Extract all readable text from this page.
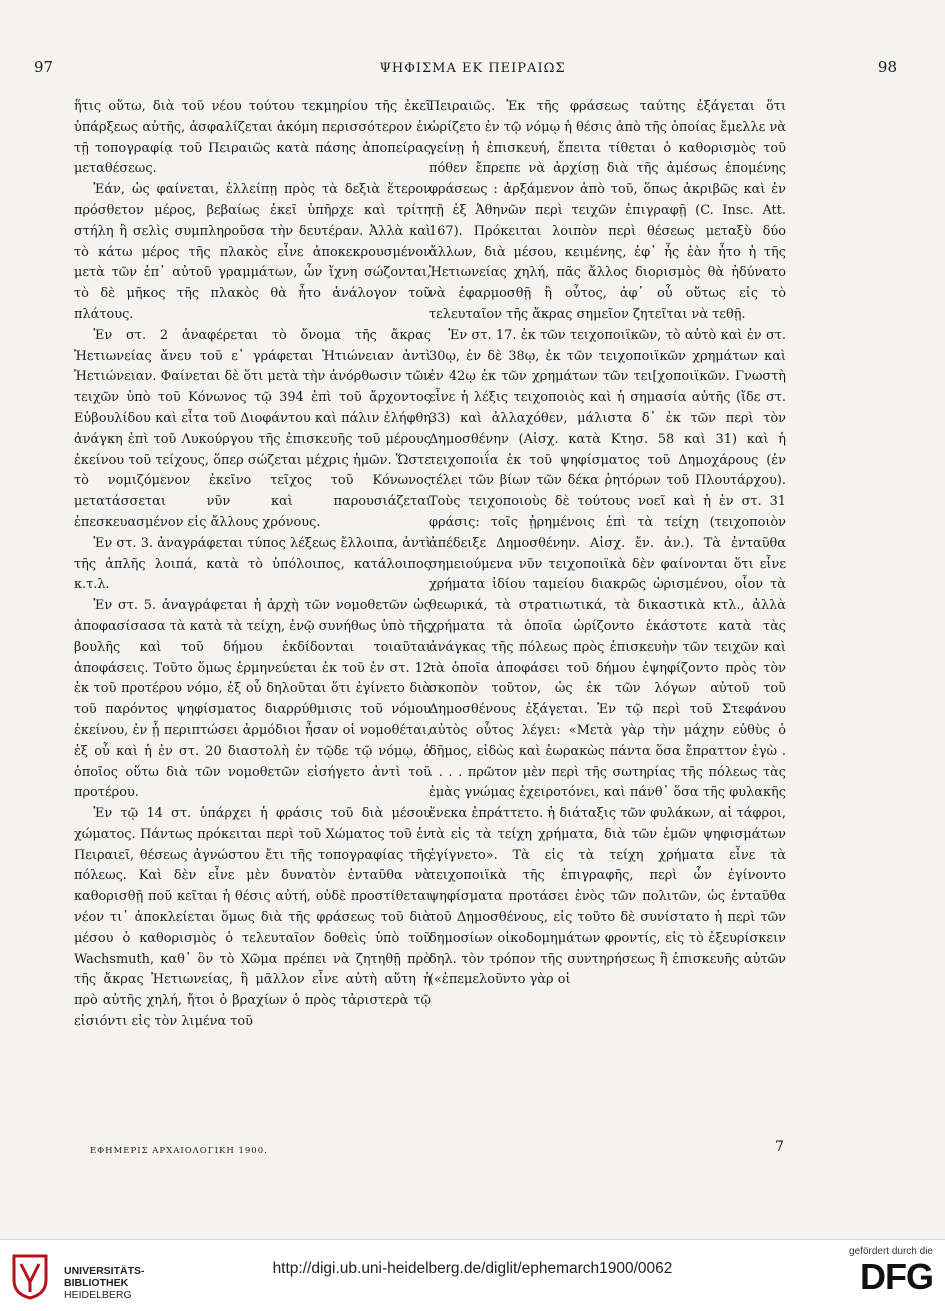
97	ΨΗΦΙΣΜΑ ΕΚ ΠΕΙΡΑΙΩΣ	98

ἥτις οὕτω, διὰ τοῦ νέου τούτου τεκμηρίου τῆς ἐκεῖ ὑπάρξεως αὐτῆς, ἀσφαλίζεται ἀκόμη περισσότερον ἐν τῇ τοπογραφίᾳ τοῦ Πειραιῶς κατὰ πάσης ἀποπείρας μεταθέσεως.

Ἐάν, ὡς φαίνεται, ἐλλείπῃ πρὸς τὰ δεξιὰ ἕτερον πρόσθετον μέρος, βεβαίως ἐκεῖ ὑπῆρχε καὶ τρίτη στήλη ἢ σελὶς συμπληροῦσα τὴν δευτέραν. Ἀλλὰ καὶ τὸ κάτω μέρος τῆς πλακὸς εἶνε ἀποκεκρουσμένον μετὰ τῶν ἐπ᾽ αὐτοῦ γραμμάτων, ὧν ἴχνη σώζονται, τὸ δὲ μῆκος τῆς πλακὸς θὰ ἦτο ἀνάλογον τοῦ πλάτους.

Ἐν στ. 2 ἀναφέρεται τὸ ὄνομα τῆς ἄκρας Ἠετιωνείας ἄνευ τοῦ ε᾽ γράφεται Ἠτιώνειαν ἀντὶ Ἠετιώνειαν. Φαίνεται δὲ ὅτι μετὰ τὴν ἀνόρθωσιν τῶν τειχῶν ὑπὸ τοῦ Κόνωνος τῷ 394 ἐπὶ τοῦ ἄρχοντος Εὐβουλίδου καὶ εἶτα τοῦ Διοφάντου καὶ πάλιν ἐλήφθη ἀνάγκη ἐπὶ τοῦ Λυκούργου τῆς ἐπισκευῆς τοῦ μέρους ἐκείνου τοῦ τείχους, ὅπερ σώζεται μέχρις ἡμῶν. Ὥστε τὸ νομιζόμενον ἐκεῖνο τεῖχος τοῦ Κόνωνος μετατάσσεται νῦν καὶ παρουσιάζεται ἐπεσκευασμένον εἰς ἄλλους χρόνους.

Ἐν στ. 3. ἀναγράφεται τύπος λέξεως ἔλλοιπα, ἀντὶ τῆς ἁπλῆς λοιπά, κατὰ τὸ ὑπόλοιπος, κατάλοιπος κ.τ.λ.

Ἐν στ. 5. ἀναγράφεται ἡ ἀρχὴ τῶν νομοθετῶν ὡς ἀποφασίσασα τὰ κατὰ τὰ τείχη, ἐνῷ συνήθως ὑπὸ τῆς βουλῆς καὶ τοῦ δήμου ἐκδίδονται τοιαῦται ἀποφάσεις. Τοῦτο ὅμως ἑρμηνεύεται ἐκ τοῦ ἐν στ. 12 ἐκ τοῦ προτέρου νόμο, ἐξ οὗ δηλοῦται ὅτι ἐγίνετο διὰ τοῦ παρόντος ψηφίσματος διαρρύθμισις τοῦ νόμου ἐκείνου, ἐν ᾗ περιπτώσει ἁρμόδιοι ἦσαν οἱ νομοθέται, ἐξ οὗ καὶ ἡ ἐν στ. 20 διαστολὴ ἐν τῷδε τῷ νόμῳ, ὁ ὁποῖος οὕτω διὰ τῶν νομοθετῶν εἰσήγετο ἀντὶ τοῦ προτέρου.

Ἐν τῷ 14 στ. ὑπάρχει ἡ φράσις τοῦ διὰ μέσου χώματος. Πάντως πρόκειται περὶ τοῦ Χώματος τοῦ ἐν Πειραιεῖ, θέσεως ἀγνώστου ἔτι τῆς τοπογραφίας τῆς πόλεως. Καὶ δὲν εἶνε μὲν δυνατὸν ἐνταῦθα νὰ καθορισθῇ ποῦ κεῖται ἡ θέσις αὐτή, οὐδὲ προστίθεται νέον τι᾽ ἀποκλείεται ὅμως διὰ τῆς φράσεως τοῦ διὰ μέσου ὁ καθορισμὸς ὁ τελευταῖον δοθεὶς ὑπὸ τοῦ Wachsmuth, καθ᾽ ὃν τὸ Χῶμα πρέπει νὰ ζητηθῇ πρὸ τῆς ἄκρας Ἠετιωνείας, ἢ μᾶλλον εἶνε αὐτὴ αὕτη ἡ πρὸ αὐτῆς χηλή, ἤτοι ὁ βραχίων ὁ πρὸς τἀριστερὰ τῷ εἰσιόντι εἰς τὸν λιμένα τοῦ

Πειραιῶς. Ἐκ τῆς φράσεως ταύτης ἐξάγεται ὅτι ὡρίζετο ἐν τῷ νόμῳ ἡ θέσις ἀπὸ τῆς ὁποίας ἔμελλε νὰ γείνῃ ἡ ἐπισκευή, ἔπειτα τίθεται ὁ καθορισμὸς τοῦ πόθεν ἔπρεπε νὰ ἀρχίσῃ διὰ τῆς ἀμέσως ἑπομένης φράσεως : ἀρξάμενον ἀπὸ τοῦ, ὅπως ἀκριβῶς καὶ ἐν τῇ ἐξ Ἀθηνῶν περὶ τειχῶν ἐπιγραφῇ (C. Insc. Att. 167). Πρόκειται λοιπὸν περὶ θέσεως μεταξὺ δύο ἄλλων, διὰ μέσου, κειμένης, ἐφ᾽ ἧς ἐὰν ἦτο ἡ τῆς Ἠετιωνείας χηλή, πᾶς ἄλλος διορισμὸς θὰ ἠδύνατο νὰ ἐφαρμοσθῇ ἢ οὗτος, ἀφ᾽ οὗ οὕτως εἰς τὸ τελευταῖον τῆς ἄκρας σημεῖον ζητεῖται νὰ τεθῇ.

Ἐν στ. 17. ἐκ τῶν τειχοποιϊκῶν, τὸ αὐτὸ καὶ ἐν στ. 30ῳ, ἐν δὲ 38ῳ, ἐκ τῶν τειχοποιϊκῶν χρημάτων καὶ ἐν 42ῳ ἐκ τῶν χρημάτων τῶν τει[χοποιϊκῶν. Γνωστὴ εἶνε ἡ λέξις τειχοποιὸς καὶ ἡ σημασία αὐτῆς (ἴδε στ. 33) καὶ ἀλλαχόθεν, μάλιστα δ᾽ ἐκ τῶν περὶ τὸν Δημοσθένην (Αἰσχ. κατὰ Κτησ. 58 καὶ 31) καὶ ἡ τειχοποιΐα ἐκ τοῦ ψηφίσματος τοῦ Δημοχάρους (ἐν τέλει τῶν βίων τῶν δέκα ῥητόρων τοῦ Πλουτάρχου). Τοὺς τειχοποιοὺς δὲ τούτους νοεῖ καὶ ἡ ἐν στ. 31 φράσις: τοῖς ᾑρημένοις ἐπὶ τὰ τείχη (τειχοποιὸν ἀπέδειξε Δημοσθένην. Αἰσχ. ἔν. ἀν.). Τὰ ἐνταῦθα σημειούμενα νῦν τειχοποιϊκὰ δὲν φαίνονται ὅτι εἶνε χρήματα ἰδίου ταμείου διακρῶς ὡρισμένου, οἷον τὰ θεωρικά, τὰ στρατιωτικά, τὰ δικαστικὰ κτλ., ἀλλὰ χρήματα τὰ ὁποῖα ὡρίζοντο ἑκάστοτε κατὰ τὰς ἀνάγκας τῆς πόλεως πρὸς ἐπισκευὴν τῶν τειχῶν καὶ τὰ ὁποῖα ἀποφάσει τοῦ δήμου ἐψηφίζοντο πρὸς τὸν σκοπὸν τοῦτον, ὡς ἐκ τῶν λόγων αὐτοῦ τοῦ Δημοσθένους ἐξάγεται. Ἐν τῷ περὶ τοῦ Στεφάνου αὐτὸς οὗτος λέγει: «Μετὰ γὰρ τὴν μάχην εὐθὺς ὁ δῆμος, εἰδὼς καὶ ἑωρακὼς πάντα ὅσα ἔπραττον ἐγὼ . . . . . πρῶτον μὲν περὶ τῆς σωτηρίας τῆς πόλεως τὰς ἐμὰς γνώμας ἐχειροτόνει, καὶ πάνθ᾽ ὅσα τῆς φυλακῆς ἕνεκα ἐπράττετο. ἡ διάταξις τῶν φυλάκων, αἱ τάφροι, τὰ εἰς τὰ τείχη χρήματα, διὰ τῶν ἐμῶν ψηφισμάτων ἐγίγνετο». Τὰ εἰς τὰ τείχη χρήματα εἶνε τὰ τειχοποιϊκὰ τῆς ἐπιγραφῆς, περὶ ὧν ἐγίνοντο ψηφίσματα προτάσει ἑνὸς τῶν πολιτῶν, ὡς ἐνταῦθα τοῦ Δημοσθένους, εἰς τοῦτο δὲ συνίστατο ἡ περὶ τῶν δημοσίων οἰκοδομημάτων φροντίς, εἰς τὸ ἐξευρίσκειν δηλ. τὸν τρόπον τῆς συντηρήσεως ἢ ἐπισκευῆς αὐτῶν («ἐπεμελοῦντο γὰρ οἱ

ΕΦΗΜΕΡΙΣ ΑΡΧΑΙΟΛΟΓΙΚΗ 1900.	7
UNIVERSITÄTS-
BIBLIOTHEK
HEIDELBERG
http://digi.ub.uni-heidelberg.de/diglit/ephemarch1900/0062
gefördert durch die
DFG
